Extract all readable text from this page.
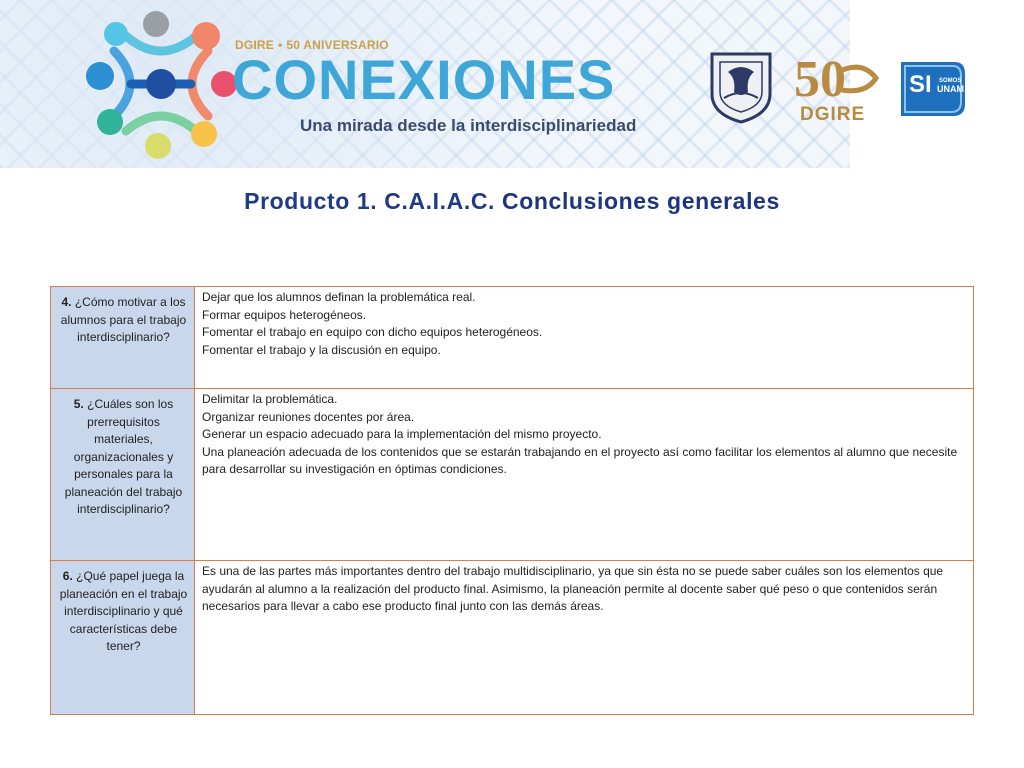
DGIRE • 50 ANIVERSARIO
CONEXIONES
Una mirada desde la interdisciplinariedad
50
DGIRE
SI SOMOS
UNAM
Producto 1. C.A.I.A.C. Conclusiones generales
4. ¿Cómo motivar a los alumnos para el trabajo interdisciplinario?	Dejar que los alumnos definan la problemática real.
Formar equipos heterogéneos.
Fomentar el trabajo en equipo con dicho equipos heterogéneos.
Fomentar el trabajo y la discusión en equipo.

5. ¿Cuáles son los prerrequisitos materiales, organizacionales y personales para la planeación del trabajo interdisciplinario?	Delimitar la problemática.
Organizar reuniones docentes por área.
Generar un espacio adecuado para la implementación del mismo proyecto.
Una planeación adecuada de los contenidos que se estarán trabajando en el proyecto así como facilitar los elementos al alumno que necesite para desarrollar su investigación en óptimas condiciones.

6. ¿Qué papel juega la planeación en el trabajo interdisciplinario y qué características debe tener?	Es una de las partes más importantes dentro del trabajo multidisciplinario, ya que sin ésta no se puede saber cuáles son los elementos que ayudarán al alumno a la realización del producto final. Asimismo, la planeación permite al docente saber qué peso o que contenidos serán necesarios para llevar a cabo ese producto final junto con las demás áreas.
